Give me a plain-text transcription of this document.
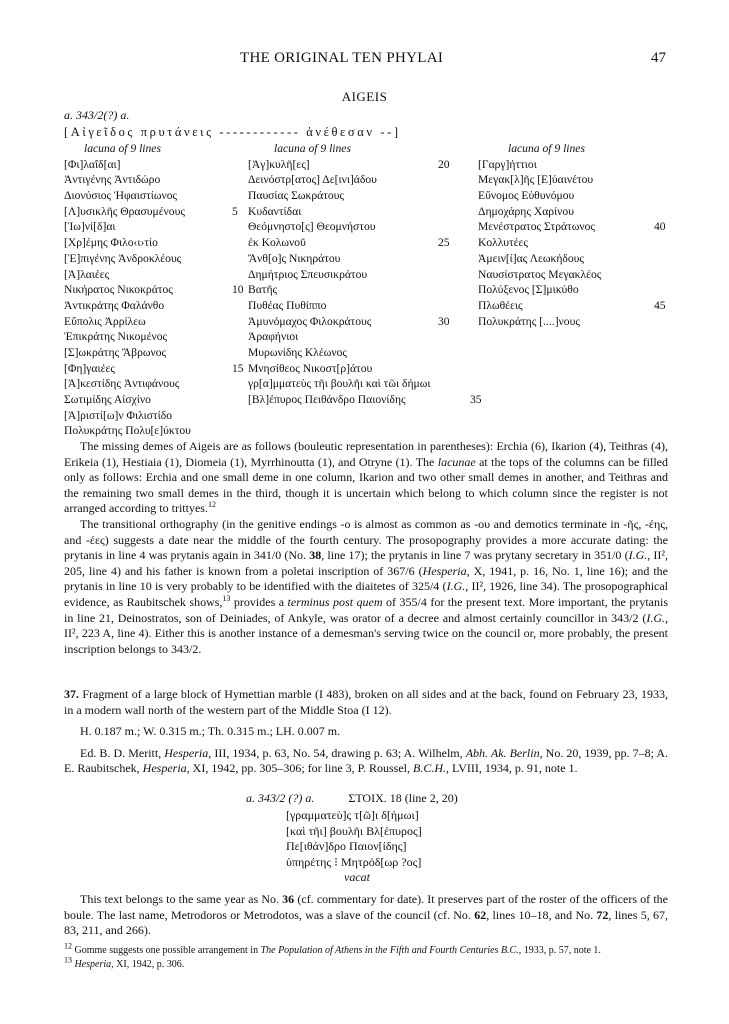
THE ORIGINAL TEN PHYLAI	47
AIGEIS
a. 343/2(?) a.
[Αἰγεῖδος πρυτάνεις ------------ ἀνέθεσαν --]
lacuna of 9 lines
[Φι]λαΐδ[αι]
Ἀντιγένης Ἀντιδώρο
Διονύσιος Ἡφαιστίωνος
[Λ]υσικλῆς Θρασυμένους	5
[Ἰω]νί[δ]αι
[Χρ]έμης Φιλο‹ι›τίο
[Ἐ]πιγένης Ἀνδροκλέους
[Ἀ]λαιέες
Νικήρατος Νικοκράτος	10
Ἀντικράτης Φαλάνθο
Εὔπολις Ἀρρίλεω
Ἐπικράτης Νικομένος
[Σ]ωκράτης Ἄβρωνος
[Φη]γαιέες	15
[Ἀ]κεστίδης Ἀντιφάνους
Σωτιμίδης Αἰσχίνο
[Ἀ]ριστί[ω]ν Φιλιστίδο
Πολυκράτης Πολυ[ε]ύκτου
lacuna of 9 lines
[Ἀγ]κυλῆ[ες]	20
Δεινόστρ[ατος] Δε[ινι]άδου
Παυσίας Σωκράτους
Κυδαντίδαι
Θεόμνηστο[ς] Θεομνήστου
ἐκ Κολωνοῦ	25
Ἄνθ[ο]ς Νικηράτου
Δημήτριος Σπευσικράτου
Βατῆς
Πυθέας Πυθίππο
Ἀμυνόμαχος Φιλοκράτους	30
Ἀραφήνιοι
Μυρωνίδης Κλέωνος
Μνησίθεος Νικοστ[ρ]άτου
γρ[α]μματεὺς τῆι βουλῆι καὶ τῶι δήμωι
[Βλ]έπυρος Πειθάνδρο Παιονίδης	35
lacuna of 9 lines
[Γαργ]ήττιοι
Μεγακ[λ]ῆς [Ε]ὐαινέτου
Εὔνομος Εὐθυνόμου
Δημοχάρης Χαρίνου
Μενέστρατος Στράτωνος	40
Κολλυτέες
Ἀμειν[ί]ας Λεωκήδους
Ναυσίστρατος Μεγακλέος
Πολύξενος [Σ]μικύθο
Πλωθέεις	45
Πολυκράτης [....]νους

The missing demes of Aigeis are as follows (bouleutic representation in parentheses): Erchia (6), Ikarion (4), Teithras (4), Erikeia (1), Hestiaia (1), Diomeia (1), Myrrhinoutta (1), and Otryne (1). The lacunae at the tops of the columns can be filled only as follows: Erchia and one small deme in one column, Ikarion and two other small demes in another, and Teithras and the remaining two small demes in the third, though it is uncertain which belong to which column since the register is not arranged according to trittyes.$^{12}$

The transitional orthography (in the genitive endings -ο is almost as common as -ου and demotics terminate in -ῆς, -έης, and -έες) suggests a date near the middle of the fourth century. The prosopography provides a more accurate dating: the prytanis in line 4 was prytanis again in 341/0 (No. 38, line 17); the prytanis in line 7 was prytany secretary in 351/0 (I.G., II², 205, line 4) and his father is known from a poletai inscription of 367/6 (Hesperia, X, 1941, p. 16, No. 1, line 16); and the prytanis in line 10 is very probably to be identified with the diaitetes of 325/4 (I.G., II², 1926, line 34). The prosopographical evidence, as Raubitschek shows,$^{13}$ provides a terminus post quem of 355/4 for the present text. More important, the prytanis in line 21, Deinostratos, son of Deiniades, of Ankyle, was orator of a decree and almost certainly councillor in 343/2 (I.G., II², 223 A, line 4). Either this is another instance of a demesman's serving twice on the council or, more probably, the present inscription belongs to 343/2.

37. Fragment of a large block of Hymettian marble (I 483), broken on all sides and at the back, found on February 23, 1933, in a modern wall north of the western part of the Middle Stoa (I 12).

H. 0.187 m.; W. 0.315 m.; Th. 0.315 m.; LH. 0.007 m.

Ed. B. D. Meritt, Hesperia, III, 1934, p. 63, No. 54, drawing p. 63; A. Wilhelm, Abh. Ak. Berlin, No. 20, 1939, pp. 7–8; A. E. Raubitschek, Hesperia, XI, 1942, pp. 305–306; for line 3, P. Roussel, B.C.H., LVIII, 1934, p. 91, note 1.

a. 343/2 (?) a.	ΣΤΟΙΧ. 18 (line 2, 20)
[γραμματεὺ]ς τ[ῶ]ι δ[ήμωι]
[καὶ τῆι] βουλῆι Βλ[έπυρος]
Πε[ιθάν]δρο Παιον[ίδης]
ὑπηρέτης ⁝ Μητρόδ[ωρ ?ος]
vacat

This text belongs to the same year as No. 36 (cf. commentary for date). It preserves part of the roster of the officers of the boule. The last name, Metrodoros or Metrodotos, was a slave of the council (cf. No. 62, lines 10–18, and No. 72, lines 5, 67, 83, 211, and 266).

$^{12}$ Gomme suggests one possible arrangement in The Population of Athens in the Fifth and Fourth Centuries B.C., 1933, p. 57, note 1.
$^{13}$ Hesperia, XI, 1942, p. 306.
